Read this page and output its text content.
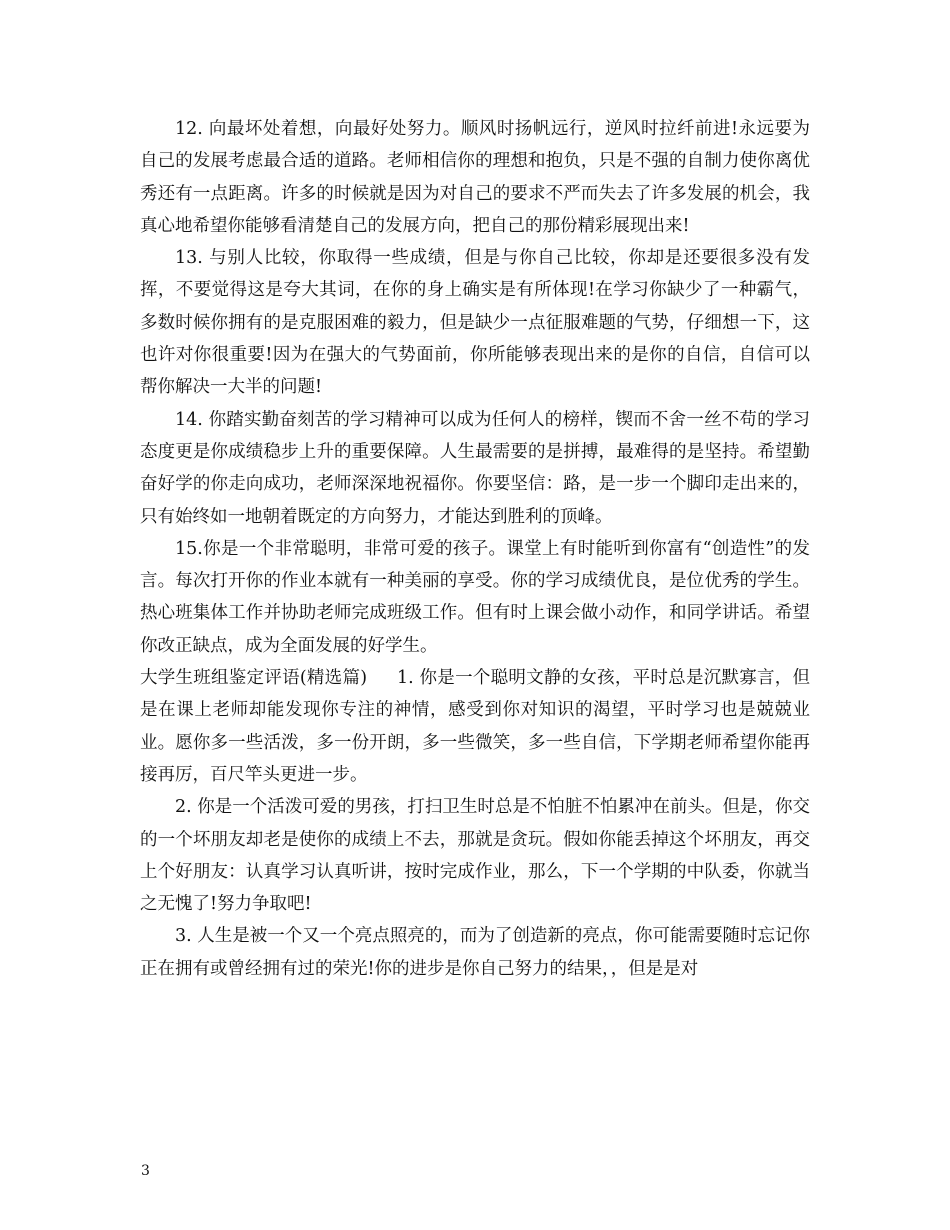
12. 向最坏处着想，向最好处努力。顺风时扬帆远行，逆风时拉纤前进!永远要为自己的发展考虑最合适的道路。老师相信你的理想和抱负，只是不强的自制力使你离优秀还有一点距离。许多的时候就是因为对自己的要求不严而失去了许多发展的机会，我真心地希望你能够看清楚自己的发展方向，把自己的那份精彩展现出来!

13. 与别人比较，你取得一些成绩，但是与你自己比较，你却是还要很多没有发挥，不要觉得这是夸大其词，在你的身上确实是有所体现!在学习你缺少了一种霸气，多数时候你拥有的是克服困难的毅力，但是缺少一点征服难题的气势，仔细想一下，这也许对你很重要!因为在强大的气势面前，你所能够表现出来的是你的自信，自信可以帮你解决一大半的问题!

14. 你踏实勤奋刻苦的学习精神可以成为任何人的榜样，锲而不舍一丝不苟的学习态度更是你成绩稳步上升的重要保障。人生最需要的是拼搏，最难得的是坚持。希望勤奋好学的你走向成功，老师深深地祝福你。你要坚信：路，是一步一个脚印走出来的，只有始终如一地朝着既定的方向努力，才能达到胜利的顶峰。

15.你是一个非常聪明，非常可爱的孩子。课堂上有时能听到你富有“创造性”的发言。每次打开你的作业本就有一种美丽的享受。你的学习成绩优良，是位优秀的学生。热心班集体工作并协助老师完成班级工作。但有时上课会做小动作，和同学讲话。希望你改正缺点，成为全面发展的好学生。

大学生班组鉴定评语(精选篇) 1. 你是一个聪明文静的女孩，平时总是沉默寡言，但是在课上老师却能发现你专注的神情，感受到你对知识的渴望，平时学习也是兢兢业业。愿你多一些活泼，多一份开朗，多一些微笑，多一些自信，下学期老师希望你能再接再厉，百尺竿头更进一步。

2. 你是一个活泼可爱的男孩，打扫卫生时总是不怕脏不怕累冲在前头。但是，你交的一个坏朋友却老是使你的成绩上不去，那就是贪玩。假如你能丢掉这个坏朋友，再交上个好朋友：认真学习认真听讲，按时完成作业，那么，下一个学期的中队委，你就当之无愧了!努力争取吧!

3. 人生是被一个又一个亮点照亮的，而为了创造新的亮点，你可能需要随时忘记你正在拥有或曾经拥有过的荣光!你的进步是你自己努力的结果，，但是是对

3
